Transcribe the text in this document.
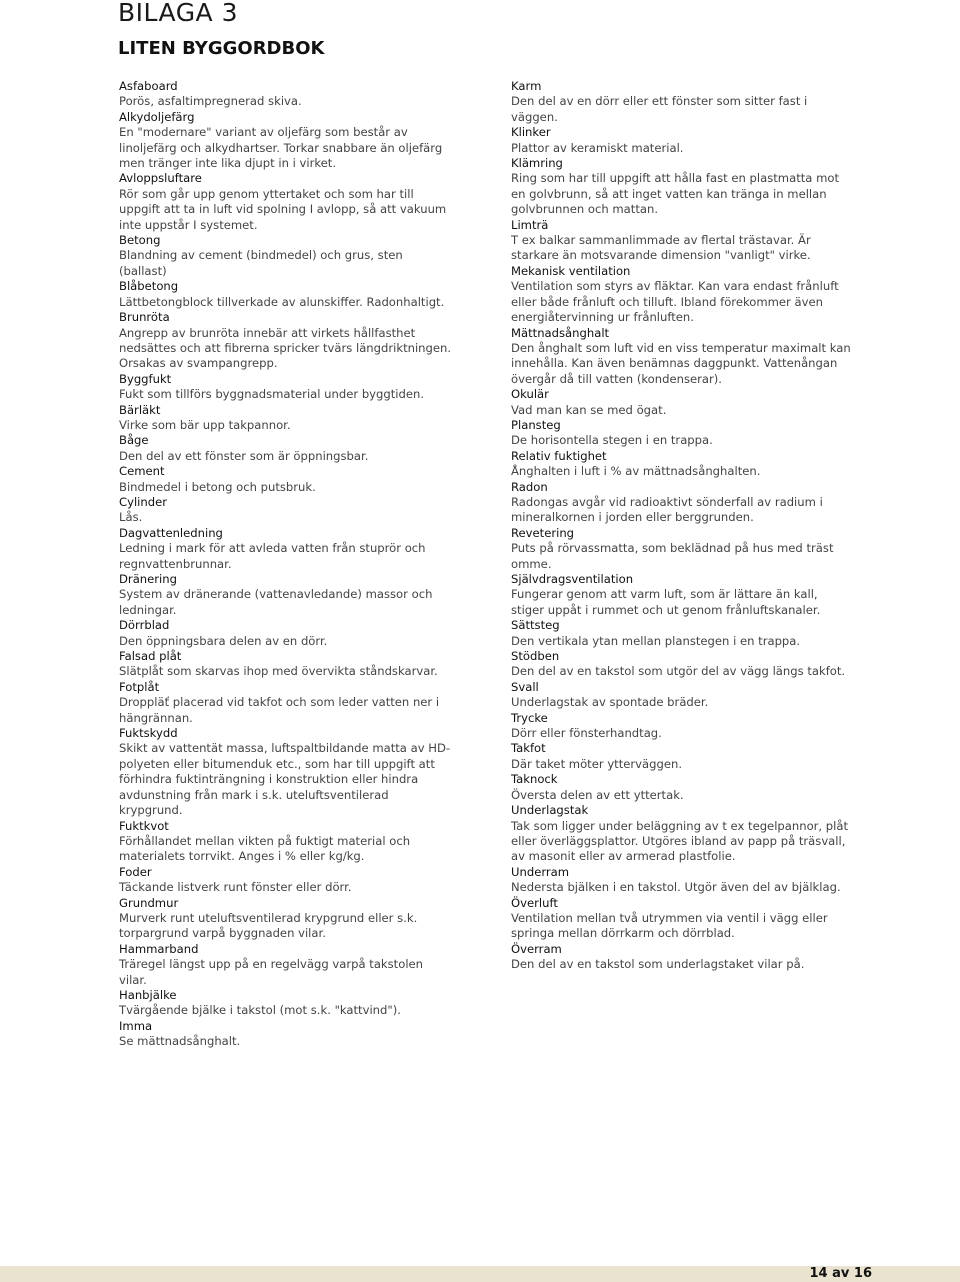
BILAGA 3
LITEN BYGGORDBOK
Asfaboard
Porös, asfaltimpregnerad skiva.
Alkydoljefärg
En "modernare" variant av oljefärg som består av linoljefärg och alkydhartser. Torkar snabbare än oljefärg men tränger inte lika djupt in i virket.
Avloppsluftare
Rör som går upp genom yttertaket och som har till uppgift att ta in luft vid spolning I avlopp, så att vakuum inte uppstår I systemet.
Betong
Blandning av cement (bindmedel) och grus, sten (ballast)
Blåbetong
Lättbetongblock tillverkade av alunskiffer. Radonhaltigt.
Brunröta
Angrepp av brunröta innebär att virkets hållfasthet nedsättes och att fibrerna spricker tvärs längdriktningen. Orsakas av svampangrepp.
Byggfukt
Fukt som tillförs byggnadsmaterial under byggtiden.
Bärläkt
Virke som bär upp takpannor.
Båge
Den del av ett fönster som är öppningsbar.
Cement
Bindmedel i betong och putsbruk.
Cylinder
Lås.
Dagvattenledning
Ledning i mark för att avleda vatten från stuprör och regnvattenbrunnar.
Dränering
System av dränerande (vattenavledande) massor och ledningar.
Dörrblad
Den öppningsbara delen av en dörr.
Falsad plåt
Slätplåt som skarvas ihop med övervikta ståndskarvar.
Fotplåt
Droppläť placerad vid takfot och som leder vatten ner i hängrännan.
Fuktskydd
Skikt av vattentät massa, luftspaltbildande matta av HD-polyeten eller bitumenduk etc., som har till uppgift att förhindra fuktinträngning i konstruktion eller hindra avdunstning från mark i s.k. uteluftsventilerad krypgrund.
Fuktkvot
Förhållandet mellan vikten på fuktigt material och materialets torrvikt. Anges i % eller kg/kg.
Foder
Täckande listverk runt fönster eller dörr.
Grundmur
Murverk runt uteluftsventilerad krypgrund eller s.k. torpargrund varpå byggnaden vilar.
Hammarband
Träregel längst upp på en regelvägg varpå takstolen vilar.
Hanbjälke
Tvärgående bjälke i takstol (mot s.k. "kattvind").
Imma
Se mättnadsånghalt.
Karm
Den del av en dörr eller ett fönster som sitter fast i väggen.
Klinker
Plattor av keramiskt material.
Klämring
Ring som har till uppgift att hålla fast en plastmatta mot en golvbrunn, så att inget vatten kan tränga in mellan golvbrunnen och mattan.
Limträ
T ex balkar sammanlimmade av flertal trästavar. Är starkare än motsvarande dimension "vanligt" virke.
Mekanisk ventilation
Ventilation som styrs av fläktar. Kan vara endast frånluft eller både frånluft och tilluft. Ibland förekommer även energiåtervinning ur frånluften.
Mättnadsånghalt
Den ånghalt som luft vid en viss temperatur maximalt kan innehålla. Kan även benämnas daggpunkt. Vattenångan övergår då till vatten (kondenserar).
Okulär
Vad man kan se med ögat.
Plansteg
De horisontella stegen i en trappa.
Relativ fuktighet
Ånghalten i luft i % av mättnadsånghalten.
Radon
Radongas avgår vid radioaktivt sönderfall av radium i mineralkornen i jorden eller berggrunden.
Revetering
Puts på rörvassmatta, som beklädnad på hus med träst omme.
Självdragsventilation
Fungerar genom att varm luft, som är lättare än kall, stiger uppåt i rummet och ut genom frånluftskanaler.
Sättsteg
Den vertikala ytan mellan planstegen i en trappa.
Stödben
Den del av en takstol som utgör del av vägg längs takfot.
Svall
Underlagstak av spontade bräder.
Trycke
Dörr eller fönsterhandtag.
Takfot
Där taket möter ytterväggen.
Taknock
Översta delen av ett yttertak.
Underlagstak
Tak som ligger under beläggning av t ex tegelpannor, plåt eller överläggsplattor. Utgöres ibland av papp på träsvall, av masonit eller av armerad plastfolie.
Underram
Nedersta bjälken i en takstol. Utgör även del av bjälklag.
Överluft
Ventilation mellan två utrymmen via ventil i vägg eller springa mellan dörrkarm och dörrblad.
Överram
Den del av en takstol som underlagstaket vilar på.
14 av 16
